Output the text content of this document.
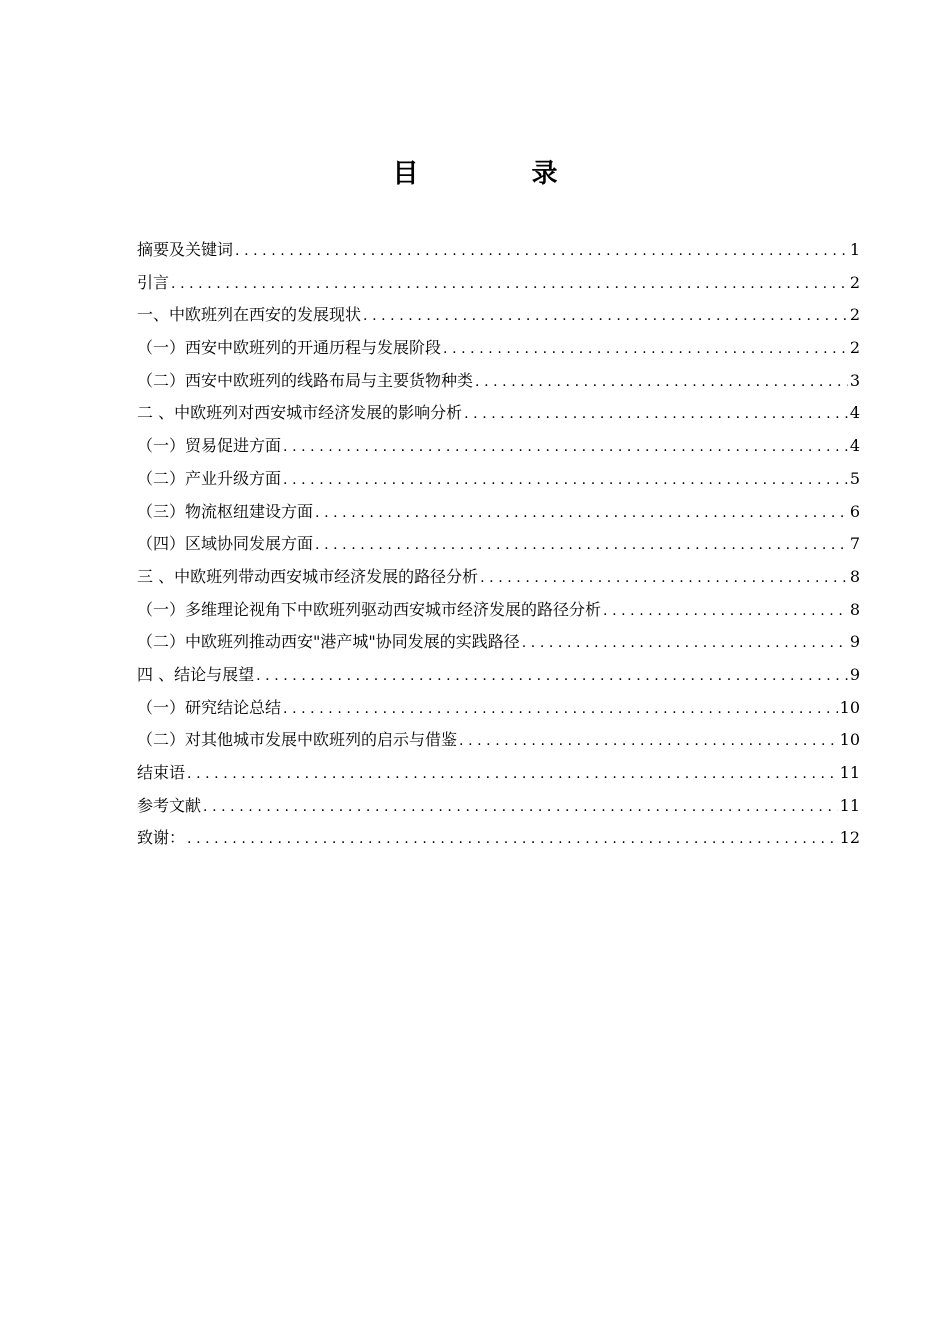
目 录
摘要及关键词 .....	1
引言 .....	2
一、中欧班列在西安的发展现状 .....	2
（一）西安中欧班列的开通历程与发展阶段 .....	2
（二）西安中欧班列的线路布局与主要货物种类 .....	3
二 、中欧班列对西安城市经济发展的影响分析 .....	4
（一）贸易促进方面 .....	4
（二）产业升级方面 .....	5
（三）物流枢纽建设方面 .....	6
（四）区域协同发展方面 .....	7
三 、中欧班列带动西安城市经济发展的路径分析 .....	8
（一）多维理论视角下中欧班列驱动西安城市经济发展的路径分析 .....	8
（二）中欧班列推动西安"港产城"协同发展的实践路径 .....	9
四 、结论与展望 .....	9
（一）研究结论总结 .....	10
（二）对其他城市发展中欧班列的启示与借鉴 .....	10
结束语 .....	11
参考文献 .....	11
致谢： .....	12
